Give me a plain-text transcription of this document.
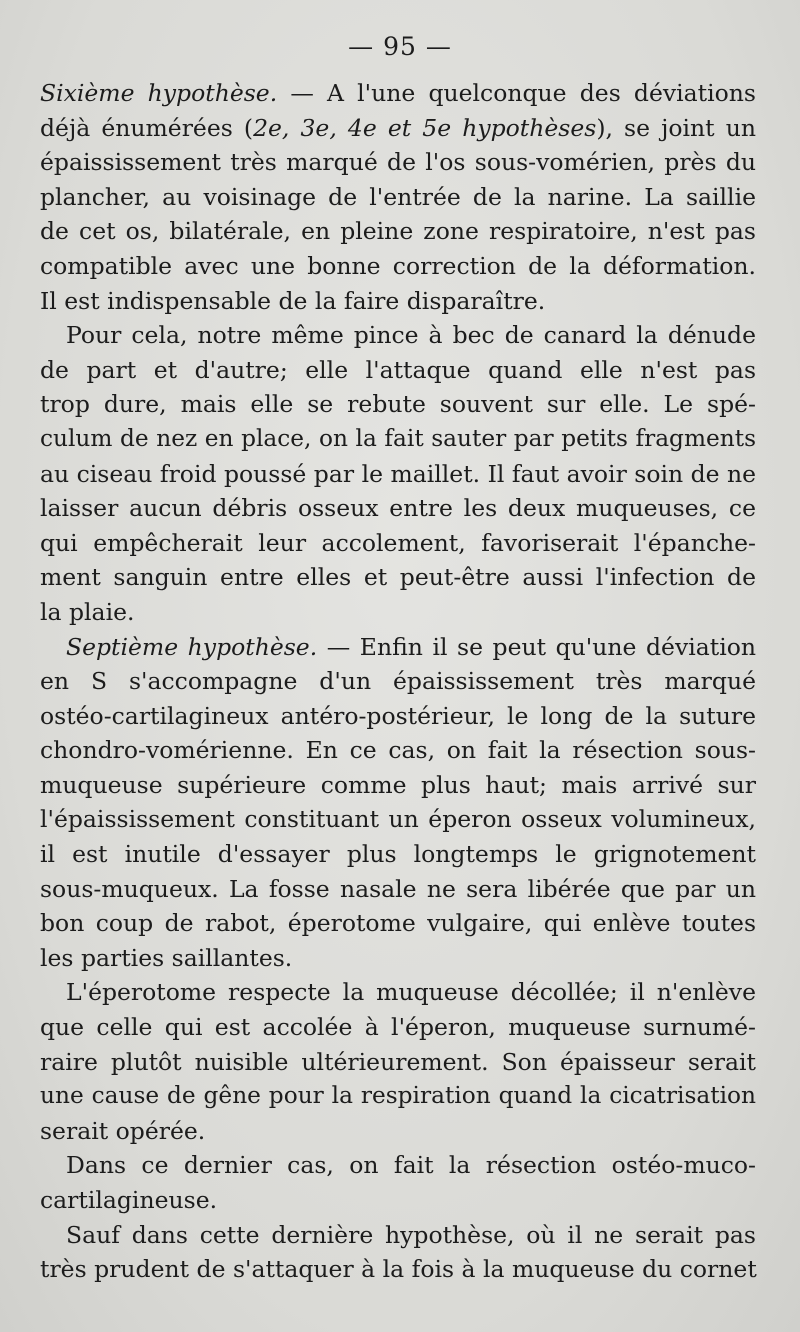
— 95 —
Sixième hypothèse. — A l'une quelconque des déviations
déjà énumérées (2e, 3e, 4e et 5e hypothèses), se joint un
épaississement très marqué de l'os sous-vomérien, près du
plancher, au voisinage de l'entrée de la narine. La saillie
de cet os, bilatérale, en pleine zone respiratoire, n'est pas
compatible avec une bonne correction de la déformation.
Il est indispensable de la faire disparaître.
Pour cela, notre même pince à bec de canard la dénude
de part et d'autre; elle l'attaque quand elle n'est pas
trop dure, mais elle se rebute souvent sur elle. Le spé-
culum de nez en place, on la fait sauter par petits fragments
au ciseau froid poussé par le maillet. Il faut avoir soin de ne
laisser aucun débris osseux entre les deux muqueuses, ce
qui empêcherait leur accolement, favoriserait l'épanche-
ment sanguin entre elles et peut-être aussi l'infection de
la plaie.
Septième hypothèse. — Enfin il se peut qu'une déviation
en S s'accompagne d'un épaississement très marqué
ostéo-cartilagineux antéro-postérieur, le long de la suture
chondro-vomérienne. En ce cas, on fait la résection sous-
muqueuse supérieure comme plus haut; mais arrivé sur
l'épaississement constituant un éperon osseux volumineux,
il est inutile d'essayer plus longtemps le grignotement
sous-muqueux. La fosse nasale ne sera libérée que par un
bon coup de rabot, éperotome vulgaire, qui enlève toutes
les parties saillantes.
L'éperotome respecte la muqueuse décollée; il n'enlève
que celle qui est accolée à l'éperon, muqueuse surnumé-
raire plutôt nuisible ultérieurement. Son épaisseur serait
une cause de gêne pour la respiration quand la cicatrisation
serait opérée.
Dans ce dernier cas, on fait la résection ostéo-muco-
cartilagineuse.
Sauf dans cette dernière hypothèse, où il ne serait pas
très prudent de s'attaquer à la fois à la muqueuse du cornet
